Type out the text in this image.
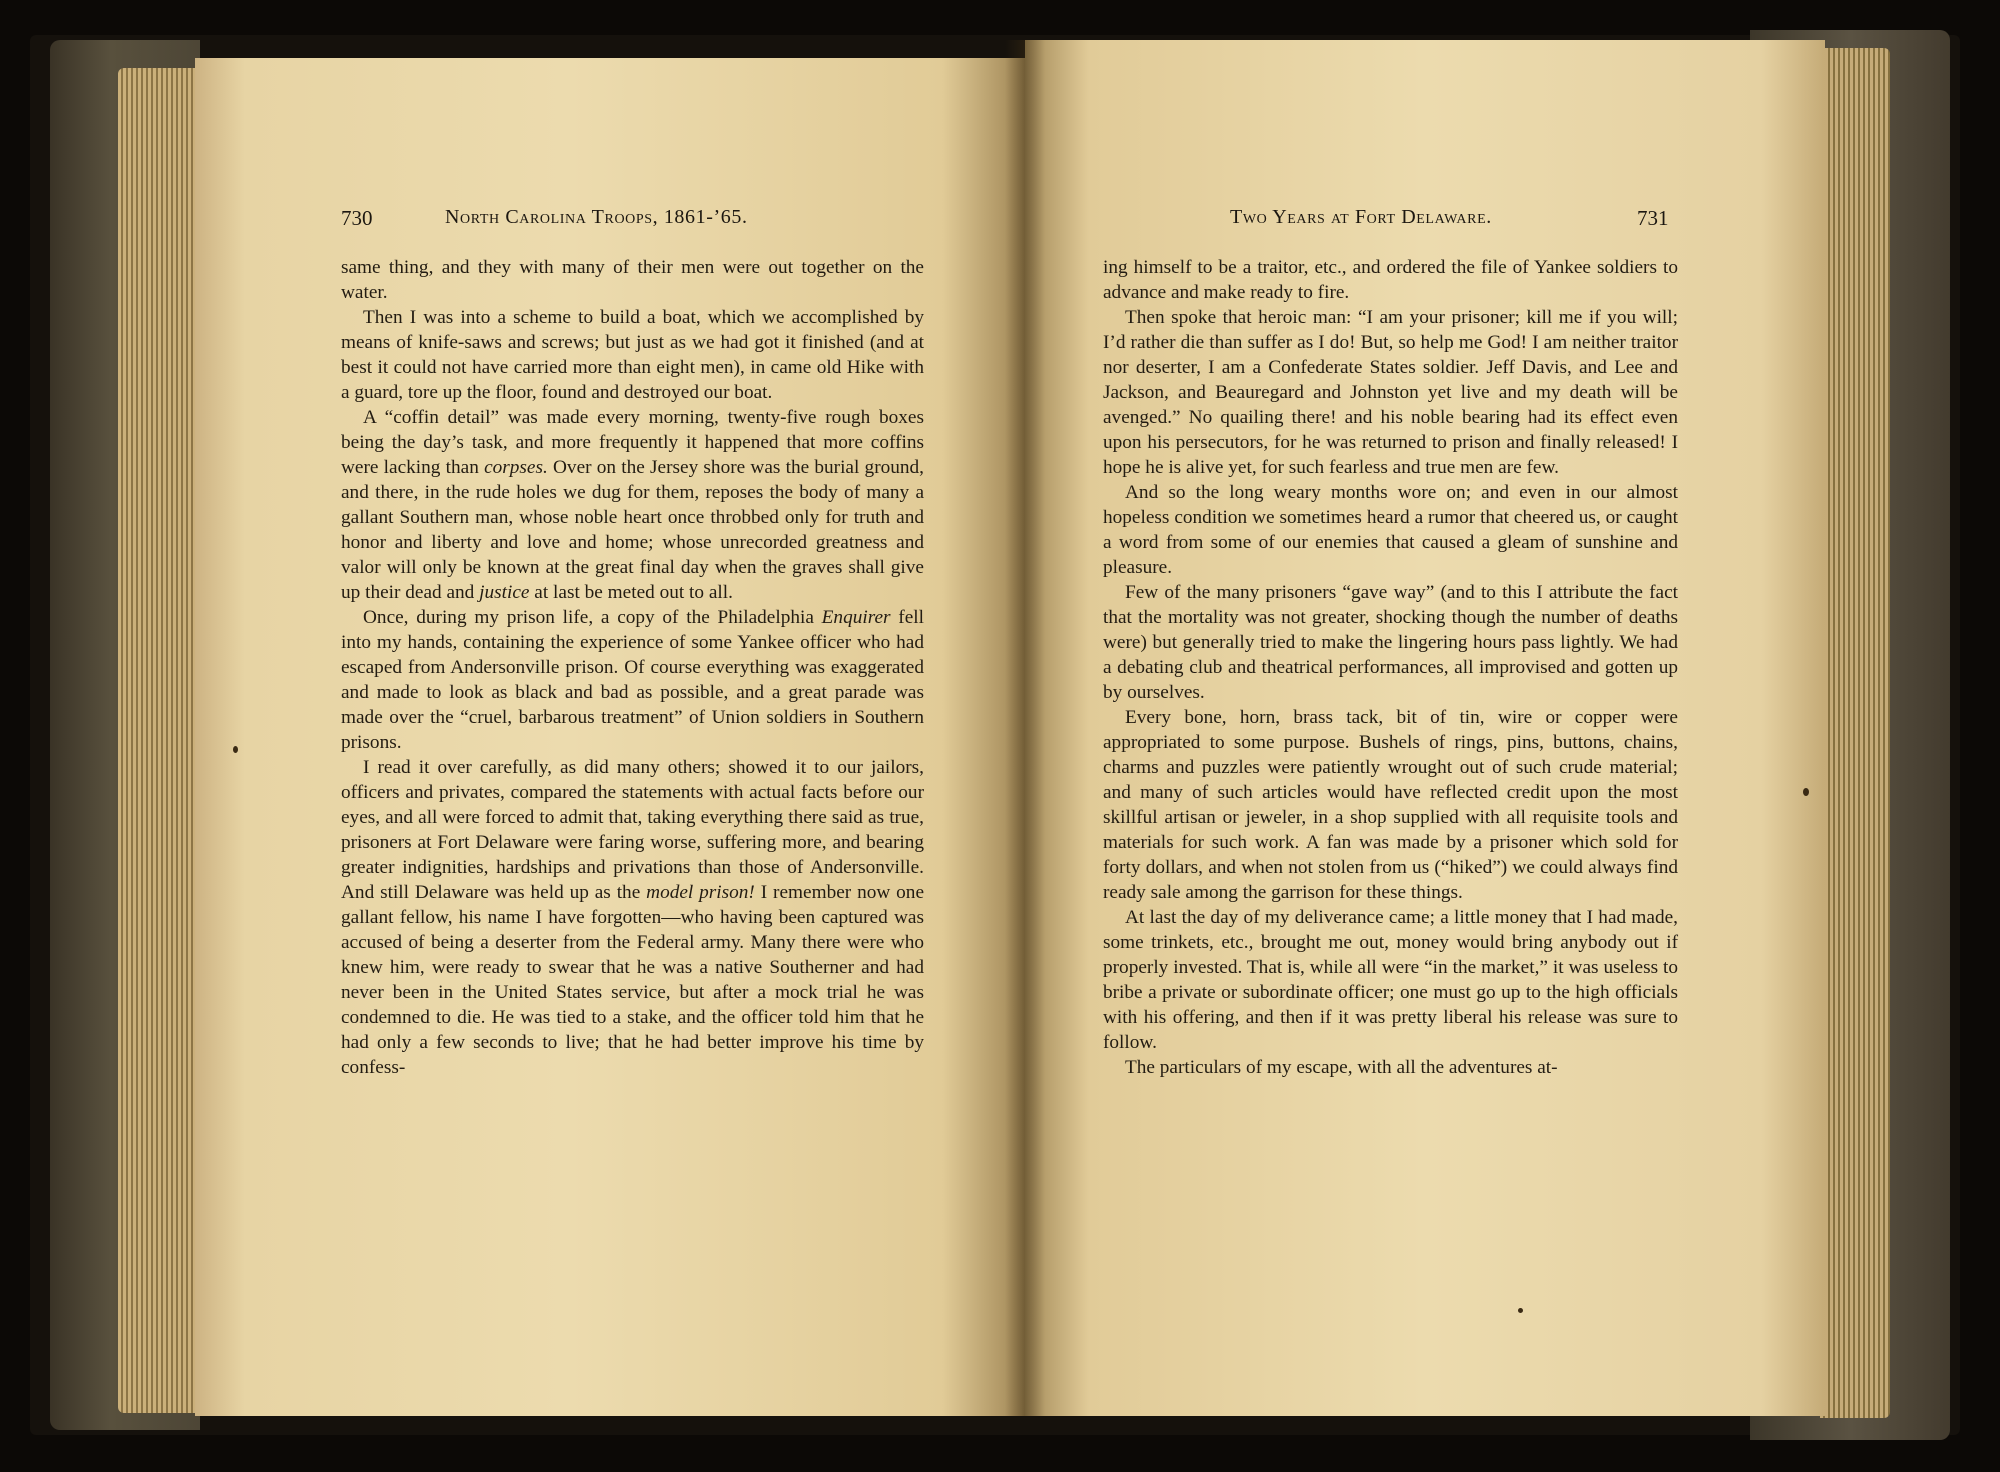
730	North Carolina Troops, 1861-’65.

same thing, and they with many of their men were out together on the water.

Then I was into a scheme to build a boat, which we accomplished by means of knife-saws and screws; but just as we had got it finished (and at best it could not have carried more than eight men), in came old Hike with a guard, tore up the floor, found and destroyed our boat.

A “coffin detail” was made every morning, twenty-five rough boxes being the day’s task, and more frequently it happened that more coffins were lacking than corpses. Over on the Jersey shore was the burial ground, and there, in the rude holes we dug for them, reposes the body of many a gallant Southern man, whose noble heart once throbbed only for truth and honor and liberty and love and home; whose unrecorded greatness and valor will only be known at the great final day when the graves shall give up their dead and justice at last be meted out to all.

Once, during my prison life, a copy of the Philadelphia Enquirer fell into my hands, containing the experience of some Yankee officer who had escaped from Andersonville prison. Of course everything was exaggerated and made to look as black and bad as possible, and a great parade was made over the “cruel, barbarous treatment” of Union soldiers in Southern prisons.

I read it over carefully, as did many others; showed it to our jailors, officers and privates, compared the statements with actual facts before our eyes, and all were forced to admit that, taking everything there said as true, prisoners at Fort Delaware were faring worse, suffering more, and bearing greater indignities, hardships and privations than those of Andersonville. And still Delaware was held up as the model prison! I remember now one gallant fellow, his name I have forgotten—who having been captured was accused of being a deserter from the Federal army. Many there were who knew him, were ready to swear that he was a native Southerner and had never been in the United States service, but after a mock trial he was condemned to die. He was tied to a stake, and the officer told him that he had only a few seconds to live; that he had better improve his time by confess-

Two Years at Fort Delaware.	731

ing himself to be a traitor, etc., and ordered the file of Yankee soldiers to advance and make ready to fire.

Then spoke that heroic man: “I am your prisoner; kill me if you will; I’d rather die than suffer as I do! But, so help me God! I am neither traitor nor deserter, I am a Confederate States soldier. Jeff Davis, and Lee and Jackson, and Beauregard and Johnston yet live and my death will be avenged.” No quailing there! and his noble bearing had its effect even upon his persecutors, for he was returned to prison and finally released! I hope he is alive yet, for such fearless and true men are few.

And so the long weary months wore on; and even in our almost hopeless condition we sometimes heard a rumor that cheered us, or caught a word from some of our enemies that caused a gleam of sunshine and pleasure.

Few of the many prisoners “gave way” (and to this I attribute the fact that the mortality was not greater, shocking though the number of deaths were) but generally tried to make the lingering hours pass lightly. We had a debating club and theatrical performances, all improvised and gotten up by ourselves.

Every bone, horn, brass tack, bit of tin, wire or copper were appropriated to some purpose. Bushels of rings, pins, buttons, chains, charms and puzzles were patiently wrought out of such crude material; and many of such articles would have reflected credit upon the most skillful artisan or jeweler, in a shop supplied with all requisite tools and materials for such work. A fan was made by a prisoner which sold for forty dollars, and when not stolen from us (“hiked”) we could always find ready sale among the garrison for these things.

At last the day of my deliverance came; a little money that I had made, some trinkets, etc., brought me out, money would bring anybody out if properly invested. That is, while all were “in the market,” it was useless to bribe a private or subordinate officer; one must go up to the high officials with his offering, and then if it was pretty liberal his release was sure to follow.

The particulars of my escape, with all the adventures at-
